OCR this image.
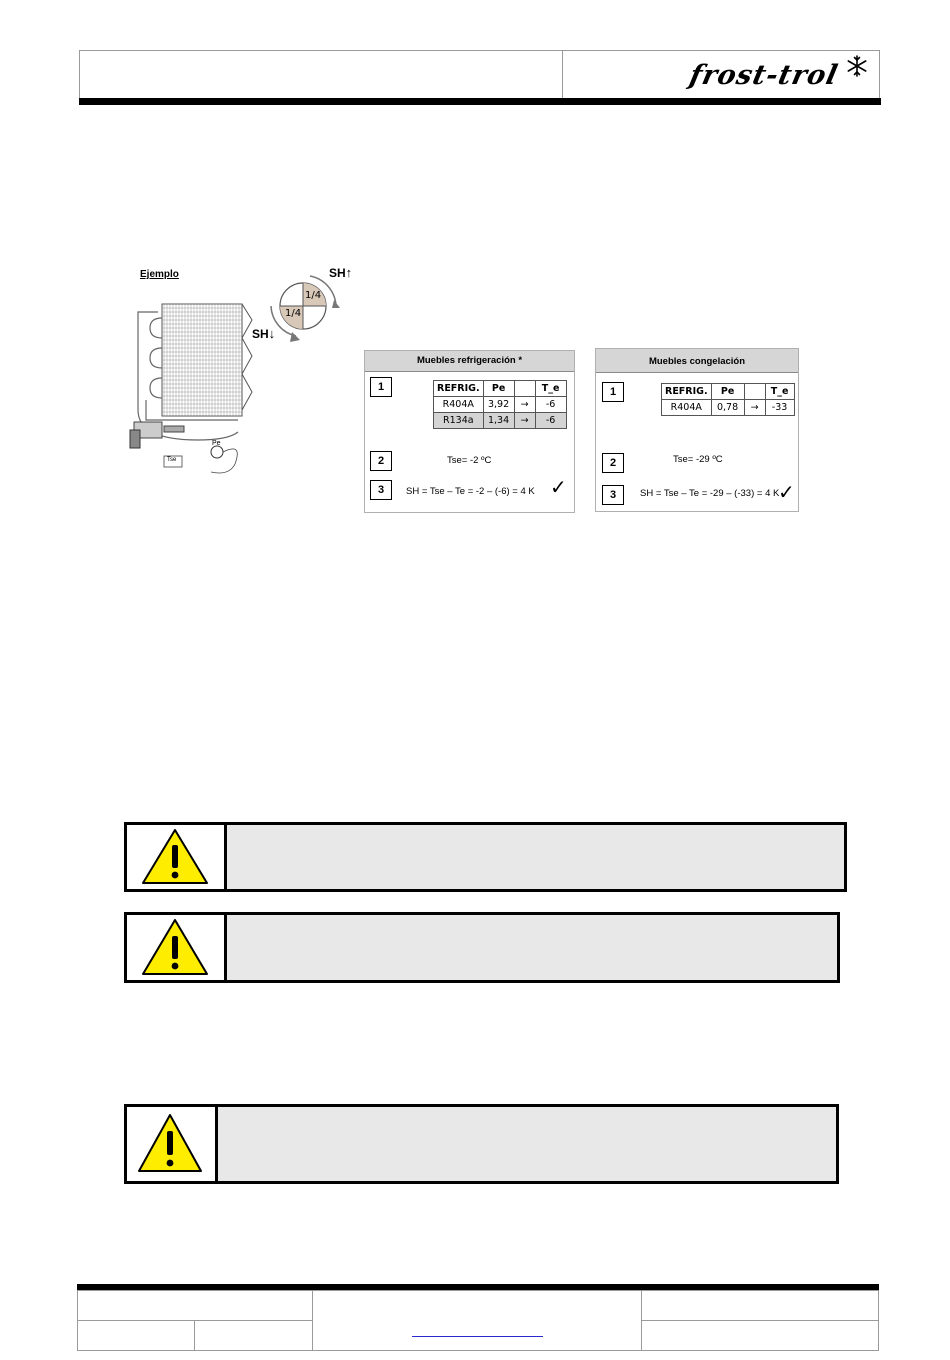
frost-trol
Ejemplo
Tse
Pe
1/4
1/4
SH↑
SH↓
Muebles refrigeración *
1	REFRIG.	Pe		T_e
R404A	3,92	→	-6
R134a	1,34	→	-6
2	Tse= -2 ºC
3	SH = Tse – Te = -2 – (-6) = 4 K ✓
Muebles congelación
1	REFRIG.	Pe		T_e
R404A	0,78	→	-33
2	Tse= -29 ºC
3	SH = Tse – Te = -29 – (-33) = 4 K
✓
